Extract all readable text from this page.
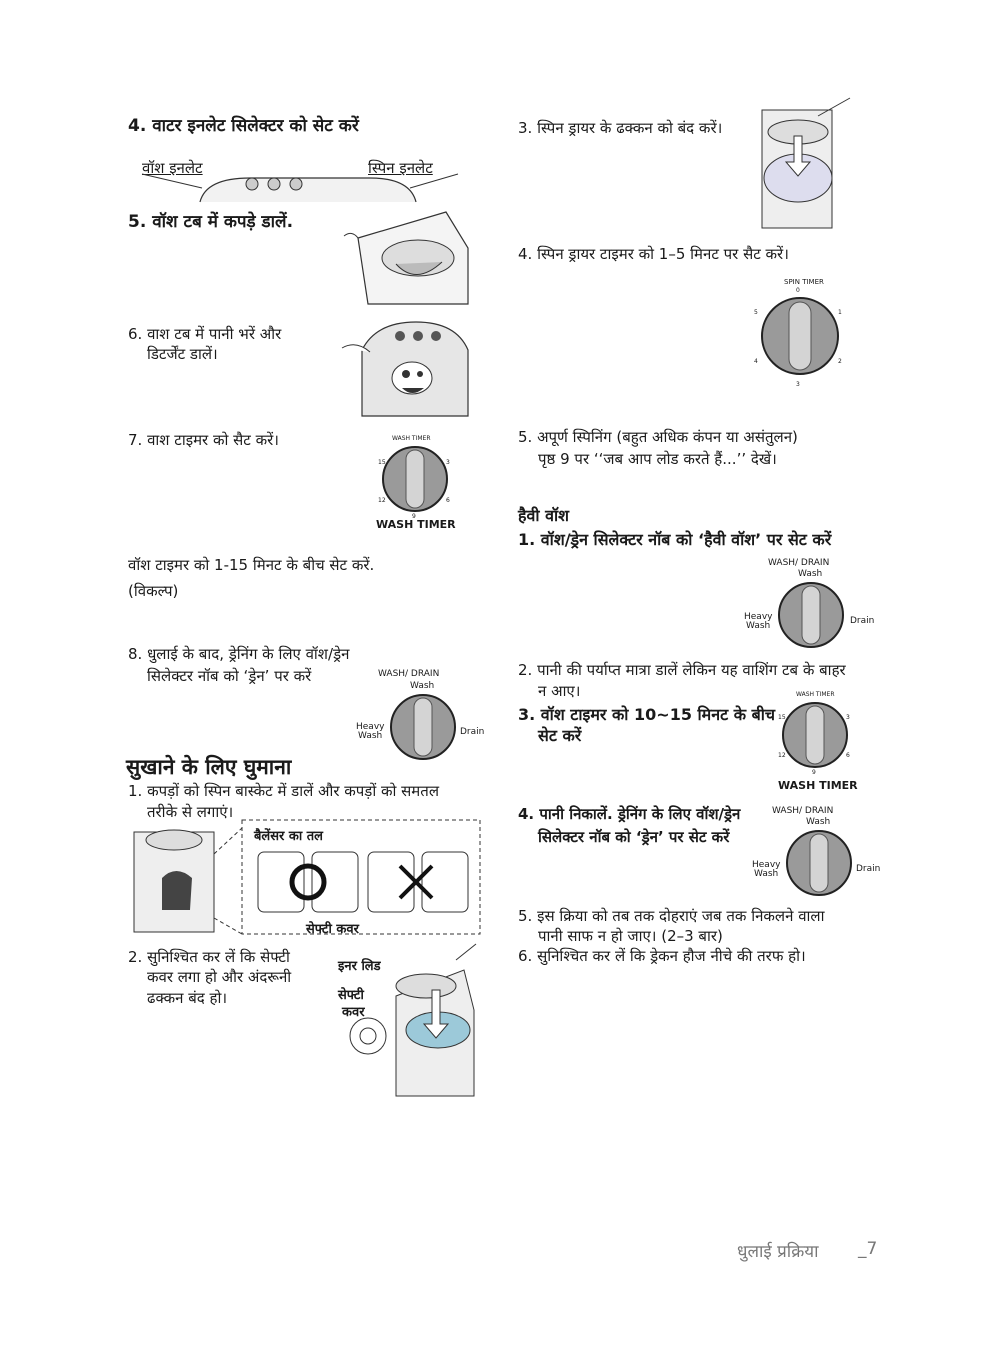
4. वाटर इनलेट सिलेक्टर को सेट करें
वॉश इनलेट	स्पिन इनलेट
5. वॉश टब में कपड़े डालें.
6. वाश टब में पानी भरें और
डिटर्जेंट डालें।
7. वाश टाइमर को सैट करें।	WASH TIMER
15	3
12	6
9
WASH TIMER
वॉश टाइमर को 1-15 मिनट के बीच सेट करें.
(विकल्प)
8. धुलाई के बाद, ड्रेनिंग के लिए वॉश/ड्रेन
सिलेक्टर नॉब को ‘ड्रेन’ पर करें	WASH/ DRAIN
Wash
Heavy
Wash	Drain
सुखाने के लिए घुमाना
1. कपड़ों को स्पिन बास्केट में डालें और कपड़ों को समतल
तरीके से लगाएं।
बैलेंसर का तल
सेफ्टी कवर
2. सुनिश्चित कर लें कि सेफ्टी
कवर लगा हो और अंदरूनी
ढक्कन बंद हो।
इनर लिड
सेफ्टी
कवर
3. स्पिन ड्रायर के ढक्कन को बंद करें।
4. स्पिन ड्रायर टाइमर को 1–5 मिनट पर सैट करें।
SPIN TIMER
0
1
2
3
4
5
5. अपूर्ण स्पिनिंग (बहुत अधिक कंपन या असंतुलन)
पृष्ठ 9 पर ‘‘जब आप लोड करते हैं...’’ देखें।
हैवी वॉश
1. वॉश/ड्रेन सिलेक्टर नॉब को ‘हैवी वॉश’ पर सेट करें
WASH/ DRAIN
Wash
Heavy
Wash	Drain
2. पानी की पर्याप्त मात्रा डालें लेकिन यह वाशिंग टब के बाहर
न आए।
3. वॉश टाइमर को 10~15 मिनट के बीच
सेट करें
WASH TIMER
15	3
12	6
9
WASH TIMER
4. पानी निकालें. ड्रेनिंग के लिए वॉश/ड्रेन
सिलेक्टर नॉब को ‘ड्रेन’ पर सेट करें
WASH/ DRAIN
Wash
Heavy
Wash	Drain
5. इस क्रिया को तब तक दोहराएं जब तक निकलने वाला
पानी साफ न हो जाए। (2–3 बार)
6. सुनिश्चित कर लें कि ड्रेकन हौज नीचे की तरफ हो।
धुलाई प्रक्रिया _7
